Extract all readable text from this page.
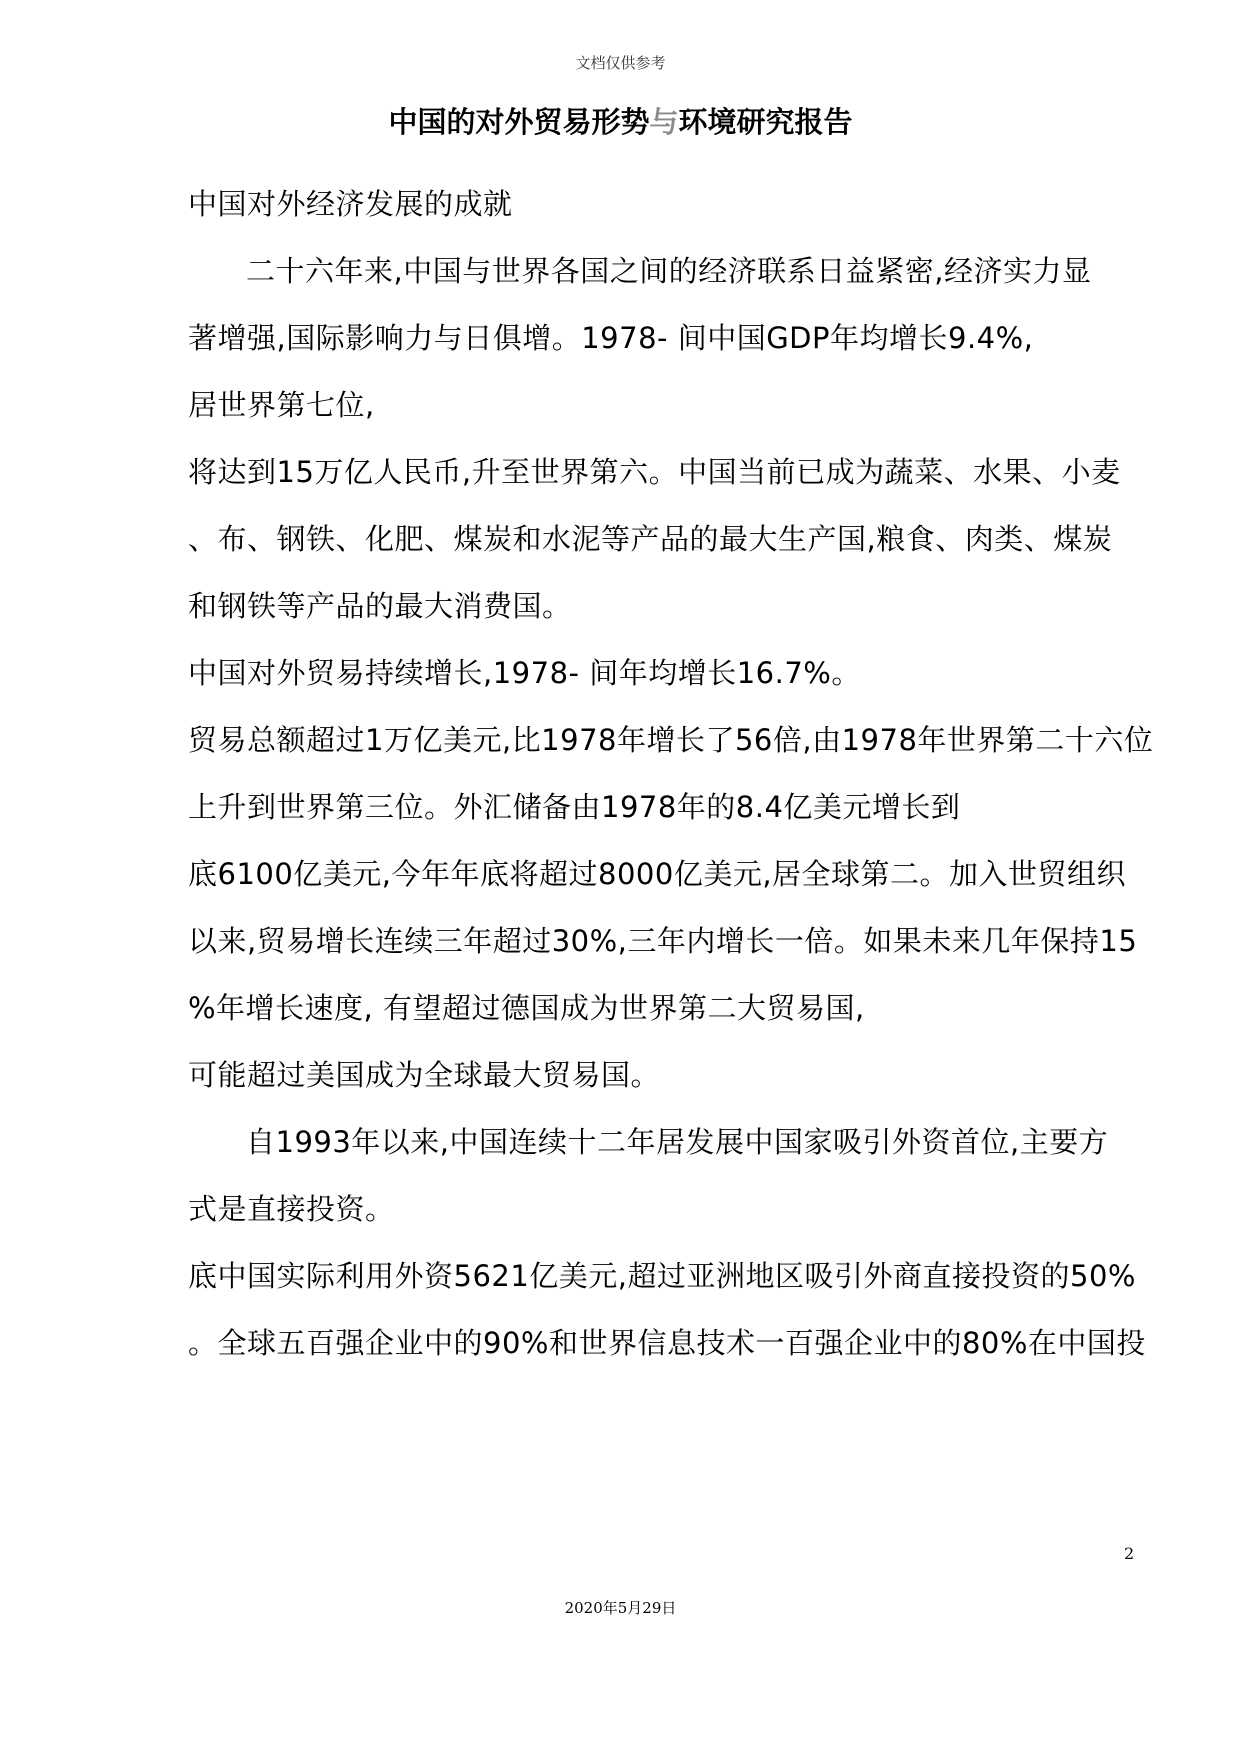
文档仅供参考
中国的对外贸易形势与环境研究报告
中国对外经济发展的成就
二十六年来,中国与世界各国之间的经济联系日益紧密,经济实力显
著增强,国际影响力与日俱增。1978- 间中国GDP年均增长9.4%,
居世界第七位,
将达到15万亿人民币,升至世界第六。中国当前已成为蔬菜、水果、小麦
、布、钢铁、化肥、煤炭和水泥等产品的最大生产国,粮食、肉类、煤炭
和钢铁等产品的最大消费国。
中国对外贸易持续增长,1978- 间年均增长16.7%。
贸易总额超过1万亿美元,比1978年增长了56倍,由1978年世界第二十六位
上升到世界第三位。外汇储备由1978年的8.4亿美元增长到
底6100亿美元,今年年底将超过8000亿美元,居全球第二。加入世贸组织
以来,贸易增长连续三年超过30%,三年内增长一倍。如果未来几年保持15
%年增长速度, 有望超过德国成为世界第二大贸易国,
可能超过美国成为全球最大贸易国。
自1993年以来,中国连续十二年居发展中国家吸引外资首位,主要方
式是直接投资。
底中国实际利用外资5621亿美元,超过亚洲地区吸引外商直接投资的50%
。全球五百强企业中的90%和世界信息技术一百强企业中的80%在中国投
2
2020年5月29日
